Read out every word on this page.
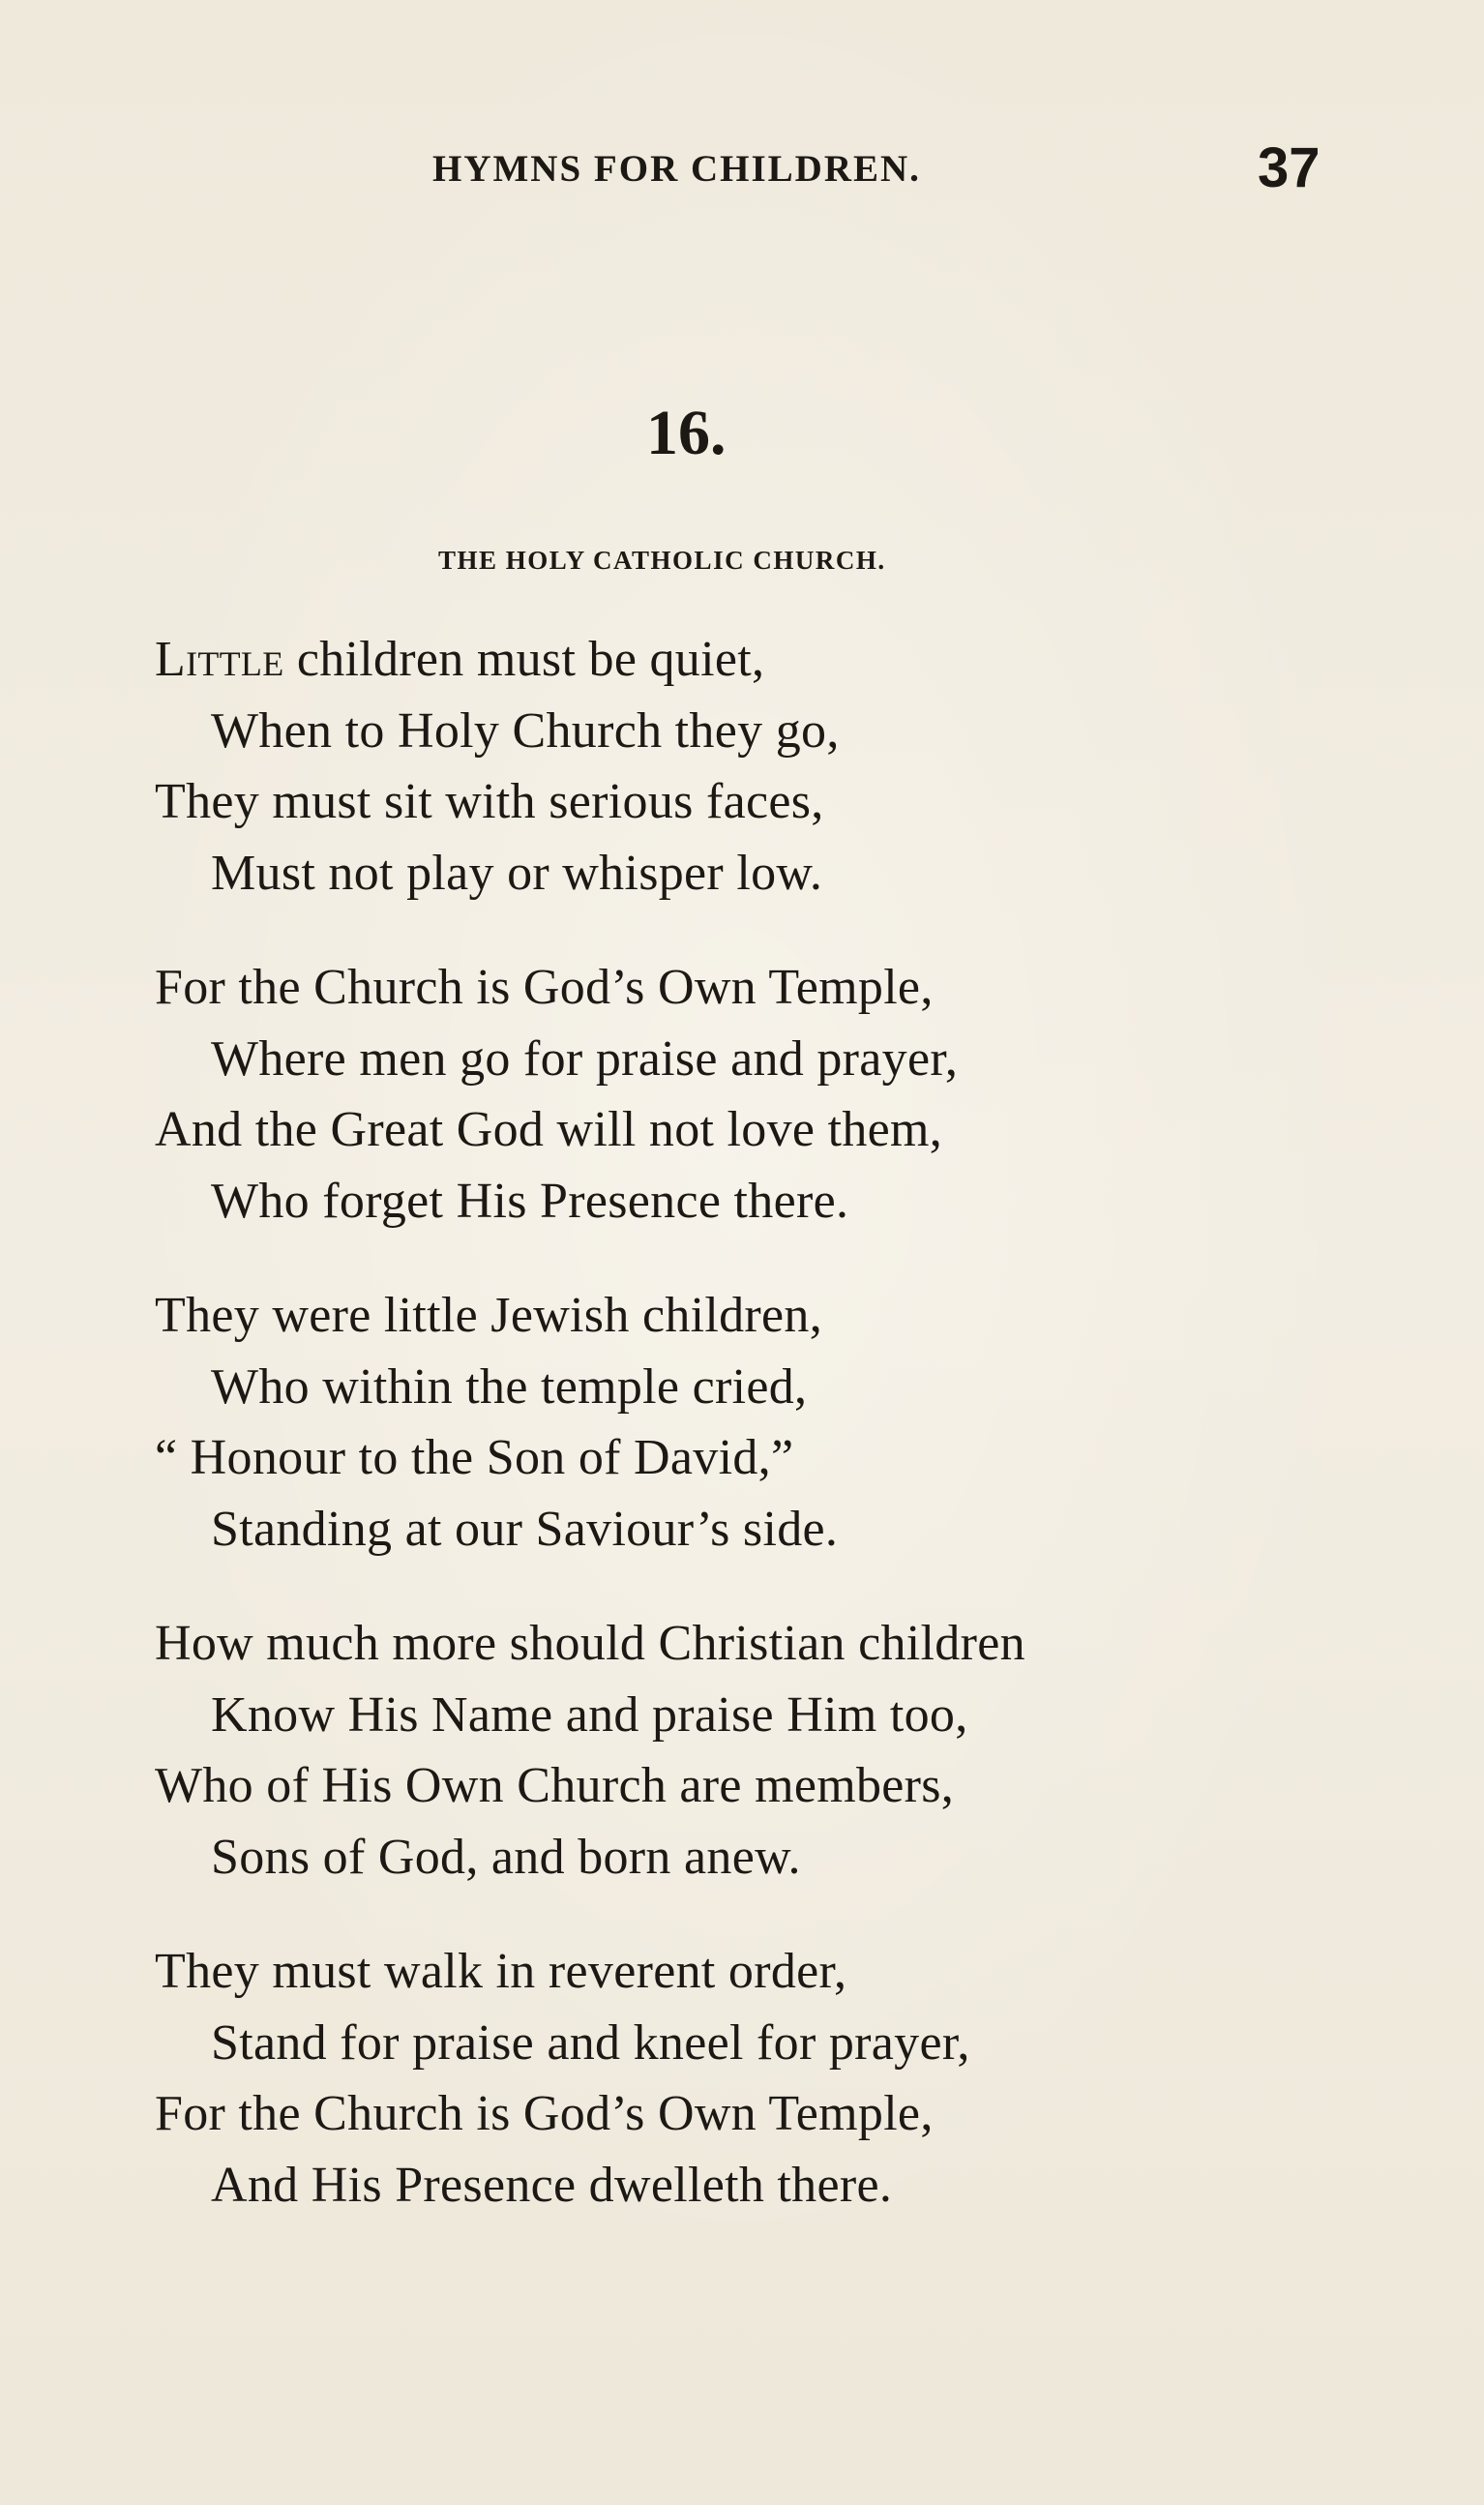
HYMNS FOR CHILDREN.	37
16.
THE HOLY CATHOLIC CHURCH.
Little children must be quiet,
When to Holy Church they go,
They must sit with serious faces,
Must not play or whisper low.
For the Church is God’s Own Temple,
Where men go for praise and prayer,
And the Great God will not love them,
Who forget His Presence there.
They were little Jewish children,
Who within the temple cried,
“ Honour to the Son of David,”
Standing at our Saviour’s side.
How much more should Christian children
Know His Name and praise Him too,
Who of His Own Church are members,
Sons of God, and born anew.
They must walk in reverent order,
Stand for praise and kneel for prayer,
For the Church is God’s Own Temple,
And His Presence dwelleth there.
